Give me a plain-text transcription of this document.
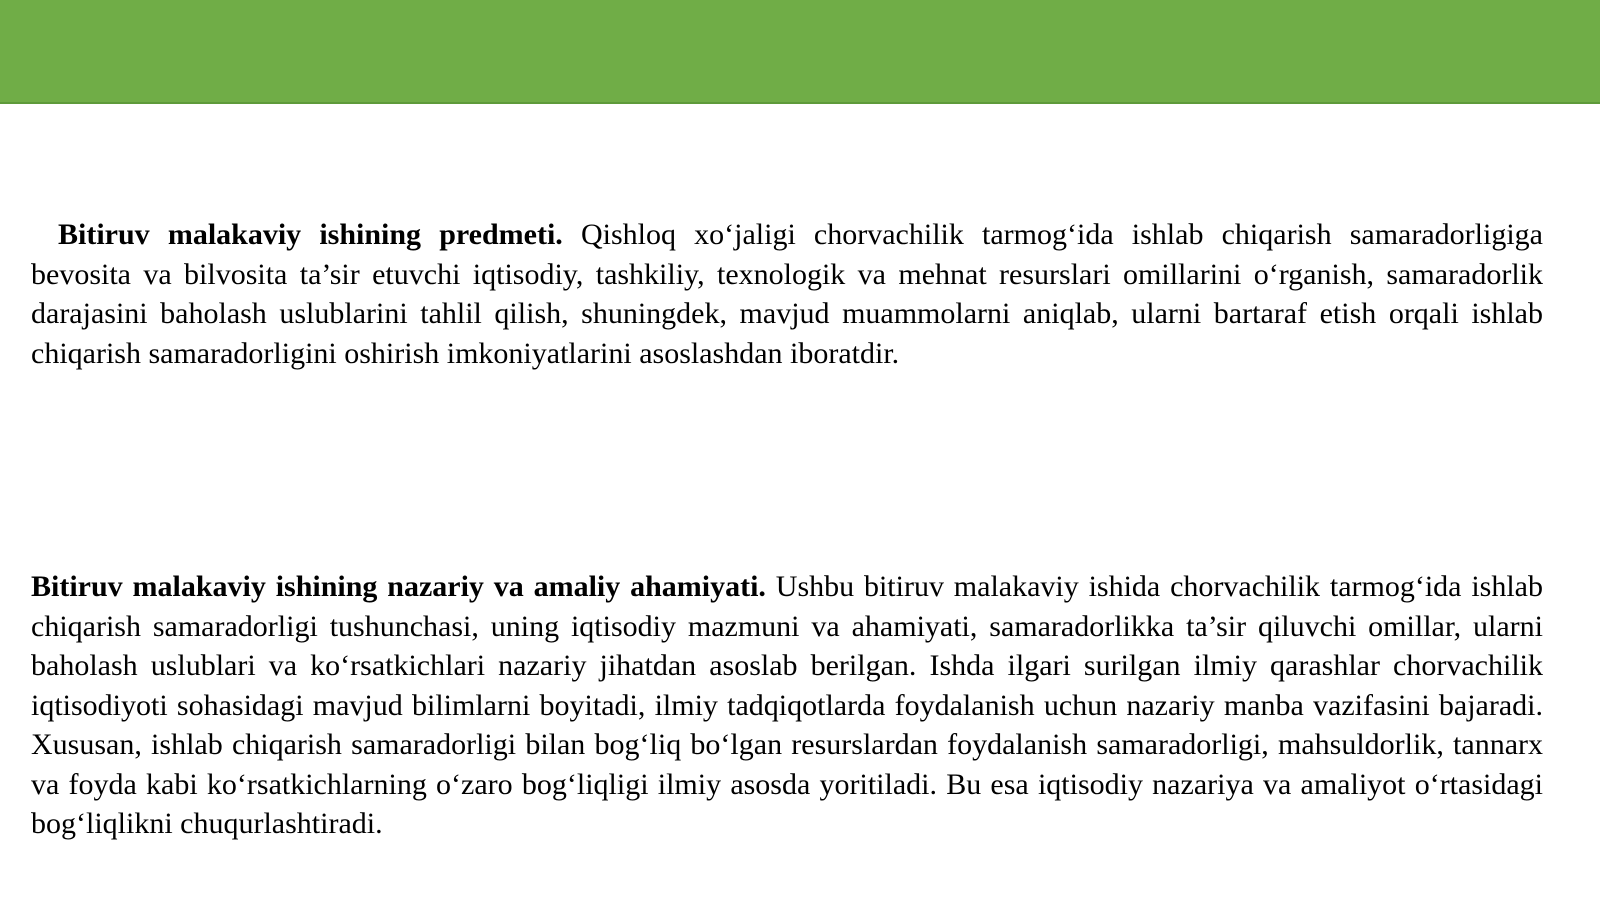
Bitiruv malakaviy ishining predmeti. Qishloq xo‘jaligi chorvachilik tarmog‘ida ishlab chiqarish samaradorligiga bevosita va bilvosita ta’sir etuvchi iqtisodiy, tashkiliy, texnologik va mehnat resurslari omillarini o‘rganish, samaradorlik darajasini baholash uslublarini tahlil qilish, shuningdek, mavjud muammolarni aniqlab, ularni bartaraf etish orqali ishlab chiqarish samaradorligini oshirish imkoniyatlarini asoslashdan iboratdir.

Bitiruv malakaviy ishining nazariy va amaliy ahamiyati. Ushbu bitiruv malakaviy ishida chorvachilik tarmog‘ida ishlab chiqarish samaradorligi tushunchasi, uning iqtisodiy mazmuni va ahamiyati, samaradorlikka ta’sir qiluvchi omillar, ularni baholash uslublari va ko‘rsatkichlari nazariy jihatdan asoslab berilgan. Ishda ilgari surilgan ilmiy qarashlar chorvachilik iqtisodiyoti sohasidagi mavjud bilimlarni boyitadi, ilmiy tadqiqotlarda foydalanish uchun nazariy manba vazifasini bajaradi. Xususan, ishlab chiqarish samaradorligi bilan bog‘liq bo‘lgan resurslardan foydalanish samaradorligi, mahsuldorlik, tannarx va foyda kabi ko‘rsatkichlarning o‘zaro bog‘liqligi ilmiy asosda yoritiladi. Bu esa iqtisodiy nazariya va amaliyot o‘rtasidagi bog‘liqlikni chuqurlashtiradi.
